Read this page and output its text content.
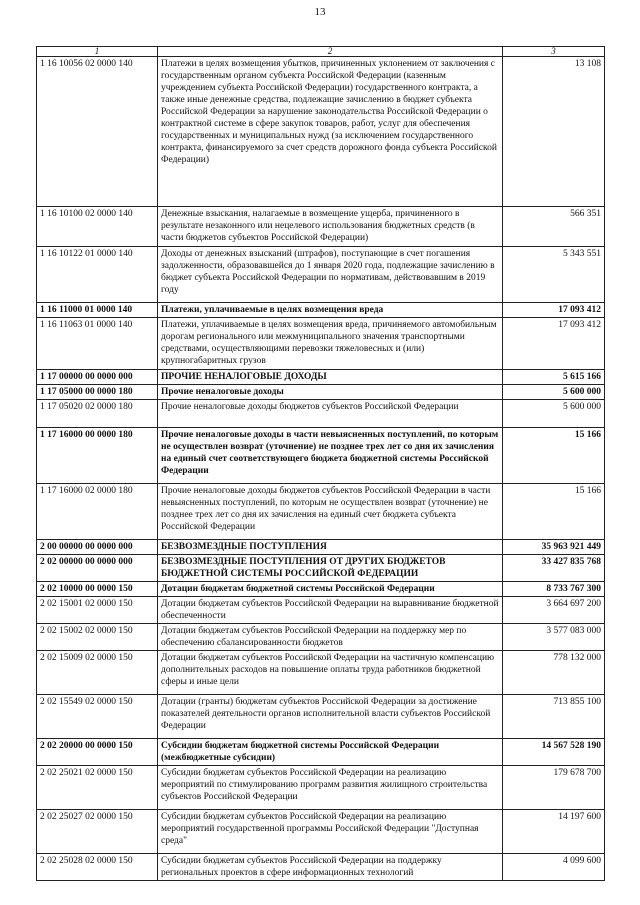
13
1	2	3
1 16 10056 02 0000 140	Платежи в целях возмещения убытков, причиненных уклонением от заключения с государственным органом субъекта Российской Федерации (казенным учреждением субъекта Российской Федерации) государственного контракта, а также иные денежные средства, подлежащие зачислению в бюджет субъекта Российской Федерации за нарушение законодательства Российской Федерации о контрактной системе в сфере закупок товаров, работ, услуг для обеспечения государственных и муниципальных нужд (за исключением государственного контракта, финансируемого за счет средств дорожного фонда субъекта Российской Федерации)	13 108
1 16 10100 02 0000 140	Денежные взыскания, налагаемые в возмещение ущерба, причиненного в результате незаконного или нецелевого использования бюджетных средств (в части бюджетов субъектов Российской Федерации)	566 351
1 16 10122 01 0000 140	Доходы от денежных взысканий (штрафов), поступающие в счет погашения задолженности, образовавшейся до 1 января 2020 года, подлежащие зачислению в бюджет субъекта Российской Федерации по нормативам, действовавшим в 2019 году	5 343 551
1 16 11000 01 0000 140	Платежи, уплачиваемые в целях возмещения вреда	17 093 412
1 16 11063 01 0000 140	Платежи, уплачиваемые в целях возмещения вреда, причиняемого автомобильным дорогам регионального или межмуниципального значения транспортными средствами, осуществляющими перевозки тяжеловесных и (или) крупногабаритных грузов	17 093 412
1 17 00000 00 0000 000	ПРОЧИЕ НЕНАЛОГОВЫЕ ДОХОДЫ	5 615 166
1 17 05000 00 0000 180	Прочие неналоговые доходы	5 600 000
1 17 05020 02 0000 180	Прочие неналоговые доходы бюджетов субъектов Российской Федерации	5 600 000
1 17 16000 00 0000 180	Прочие неналоговые доходы в части невыясненных поступлений, по которым не осуществлен возврат (уточнение) не позднее трех лет со дня их зачисления на единый счет соответствующего бюджета бюджетной системы Российской Федерации	15 166
1 17 16000 02 0000 180	Прочие неналоговые доходы бюджетов субъектов Российской Федерации в части невыясненных поступлений, по которым не осуществлен возврат (уточнение) не позднее трех лет со дня их зачисления на единый счет бюджета субъекта Российской Федерации	15 166
2 00 00000 00 0000 000	БЕЗВОЗМЕЗДНЫЕ ПОСТУПЛЕНИЯ	35 963 921 449
2 02 00000 00 0000 000	БЕЗВОЗМЕЗДНЫЕ ПОСТУПЛЕНИЯ ОТ ДРУГИХ БЮДЖЕТОВ БЮДЖЕТНОЙ СИСТЕМЫ РОССИЙСКОЙ ФЕДЕРАЦИИ	33 427 835 768
2 02 10000 00 0000 150	Дотации бюджетам бюджетной системы Российской Федерации	8 733 767 300
2 02 15001 02 0000 150	Дотации бюджетам субъектов Российской Федерации на выравнивание бюджетной обеспеченности	3 664 697 200
2 02 15002 02 0000 150	Дотации бюджетам субъектов Российской Федерации на поддержку мер по обеспечению сбалансированности бюджетов	3 577 083 000
2 02 15009 02 0000 150	Дотации бюджетам субъектов Российской Федерации на частичную компенсацию дополнительных расходов на повышение оплаты труда работников бюджетной сферы и иные цели	778 132 000
2 02 15549 02 0000 150	Дотации (гранты) бюджетам субъектов Российской Федерации за достижение показателей деятельности органов исполнительной власти субъектов Российской Федерации	713 855 100
2 02 20000 00 0000 150	Субсидии бюджетам бюджетной системы Российской Федерации (межбюджетные субсидии)	14 567 528 190
2 02 25021 02 0000 150	Субсидии бюджетам субъектов Российской Федерации на реализацию мероприятий по стимулированию программ развития жилищного строительства субъектов Российской Федерации	179 678 700
2 02 25027 02 0000 150	Субсидии бюджетам субъектов Российской Федерации на реализацию мероприятий государственной программы Российской Федерации "Доступная среда"	14 197 600
2 02 25028 02 0000 150	Субсидии бюджетам субъектов Российской Федерации на поддержку региональных проектов в сфере информационных технологий	4 099 600
